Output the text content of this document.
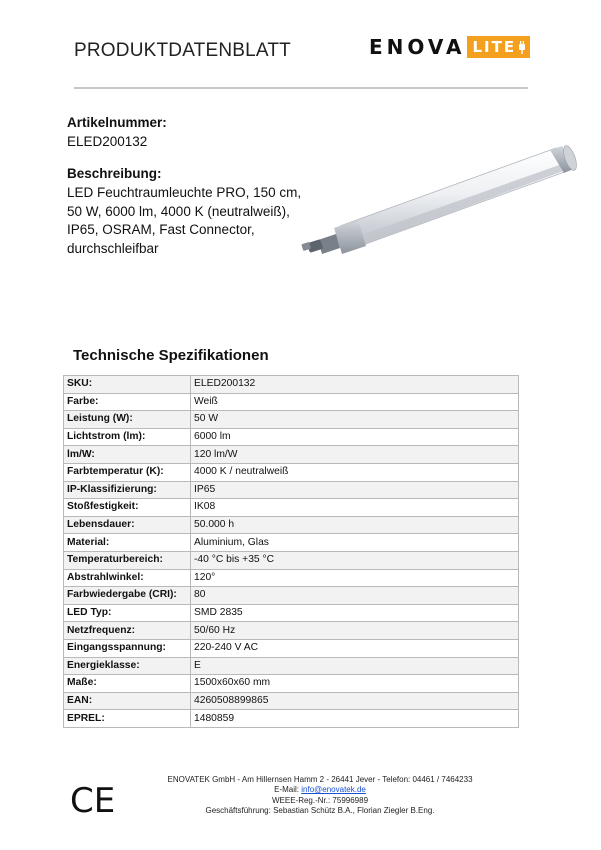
PRODUKTDATENBLATT	ENOVA LITE
Artikelnummer:
ELED200132
Beschreibung:
LED Feuchtraumleuchte PRO, 150 cm,
50 W, 6000 lm, 4000 K (neutralweiß),
IP65, OSRAM, Fast Connector,
durchschleifbar
Technische Spezifikationen
SKU:	ELED200132
Farbe:	Weiß
Leistung (W):	50 W
Lichtstrom (lm):	6000 lm
lm/W:	120 lm/W
Farbtemperatur (K):	4000 K / neutralweiß
IP-Klassifizierung:	IP65
Stoßfestigkeit:	IK08
Lebensdauer:	50.000 h
Material:	Aluminium, Glas
Temperaturbereich:	-40 °C bis +35 °C
Abstrahlwinkel:	120°
Farbwiedergabe (CRI):	80
LED Typ:	SMD 2835
Netzfrequenz:	50/60 Hz
Eingangsspannung:	220-240 V AC
Energieklasse:	E
Maße:	1500x60x60 mm
EAN:	4260508899865
EPREL:	1480859
CE
ENOVATEK GmbH - Am Hillernsen Hamm 2 - 26441 Jever - Telefon: 04461 / 7464233
E-Mail: info@enovatek.de
WEEE-Reg.-Nr.: 75996989
Geschäftsführung: Sebastian Schütz B.A., Florian Ziegler B.Eng.
